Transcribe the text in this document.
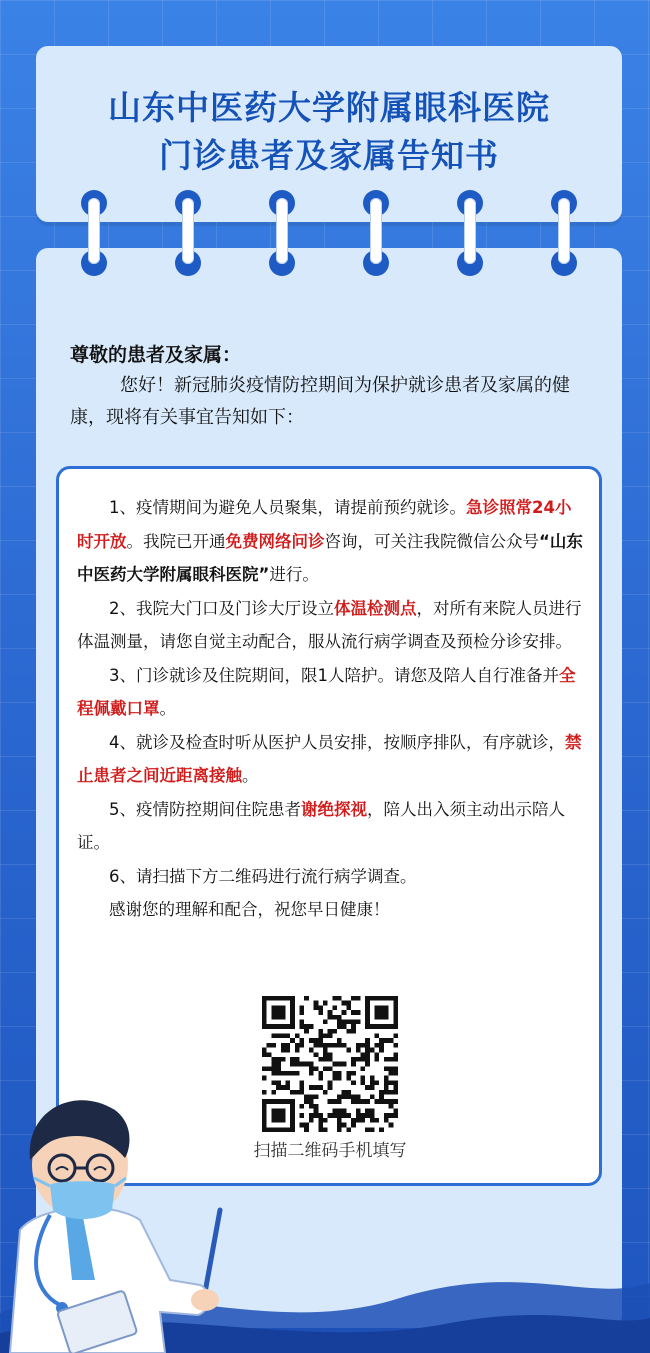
山东中医药大学附属眼科医院
门诊患者及家属告知书
尊敬的患者及家属：
您好！新冠肺炎疫情防控期间为保护就诊患者及家属的健康，现将有关事宜告知如下：

1、疫情期间为避免人员聚集，请提前预约就诊。急诊照常24小时开放。我院已开通免费网络问诊咨询，可关注我院微信公众号“山东中医药大学附属眼科医院”进行。

2、我院大门口及门诊大厅设立体温检测点，对所有来院人员进行体温测量，请您自觉主动配合，服从流行病学调查及预检分诊安排。

3、门诊就诊及住院期间，限1人陪护。请您及陪人自行准备并全程佩戴口罩。

4、就诊及检查时听从医护人员安排，按顺序排队，有序就诊，禁止患者之间近距离接触。

5、疫情防控期间住院患者谢绝探视，陪人出入须主动出示陪人证。

6、请扫描下方二维码进行流行病学调查。

感谢您的理解和配合，祝您早日健康！

扫描二维码手机填写
